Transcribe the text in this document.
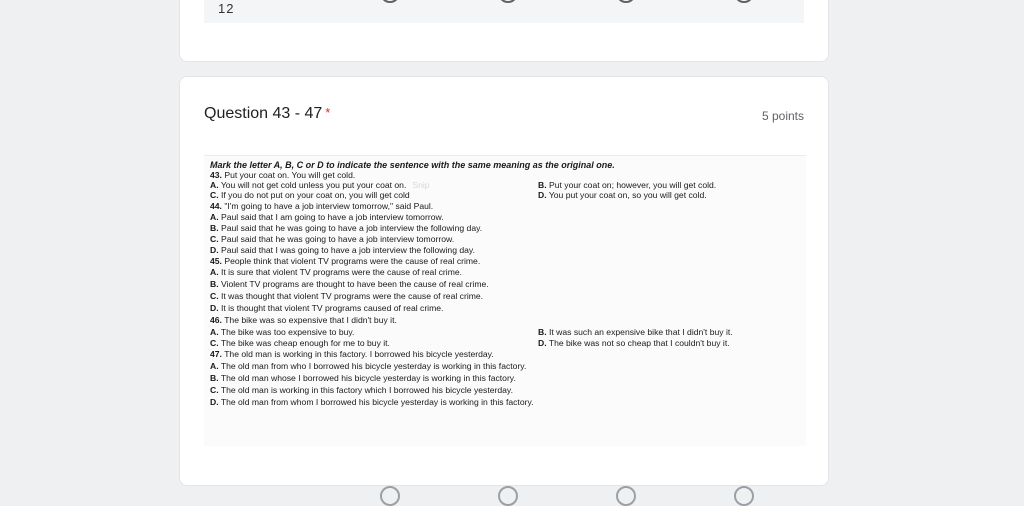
12
Question 43 - 47 *	5 points
Mark the letter A, B, C or D to indicate the sentence with the same meaning as the original one.
43. Put your coat on. You will get cold.
A. You will not get cold unless you put your coat on. Snip	B. Put your coat on; however, you will get cold.
C. If you do not put on your coat on, you will get cold	D. You put your coat on, so you will get cold.
44. "I'm going to have a job interview tomorrow," said Paul.
A. Paul said that I am going to have a job interview tomorrow.
B. Paul said that he was going to have a job interview the following day.
C. Paul said that he was going to have a job interview tomorrow.
D. Paul said that I was going to have a job interview the following day.
45. People think that violent TV programs were the cause of real crime.
A. It is sure that violent TV programs were the cause of real crime.
B. Violent TV programs are thought to have been the cause of real crime.
C. It was thought that violent TV programs were the cause of real crime.
D. It is thought that violent TV programs caused of real crime.
46. The bike was so expensive that I didn't buy it.
A. The bike was too expensive to buy.	B. It was such an expensive bike that I didn't buy it.
C. The bike was cheap enough for me to buy it.	D. The bike was not so cheap that I couldn't buy it.
47. The old man is working in this factory. I borrowed his bicycle yesterday.
A. The old man from who I borrowed his bicycle yesterday is working in this factory.
B. The old man whose I borrowed his bicycle yesterday is working in this factory.
C. The old man is working in this factory which I borrowed his bicycle yesterday.
D. The old man from whom I borrowed his bicycle yesterday is working in this factory.
